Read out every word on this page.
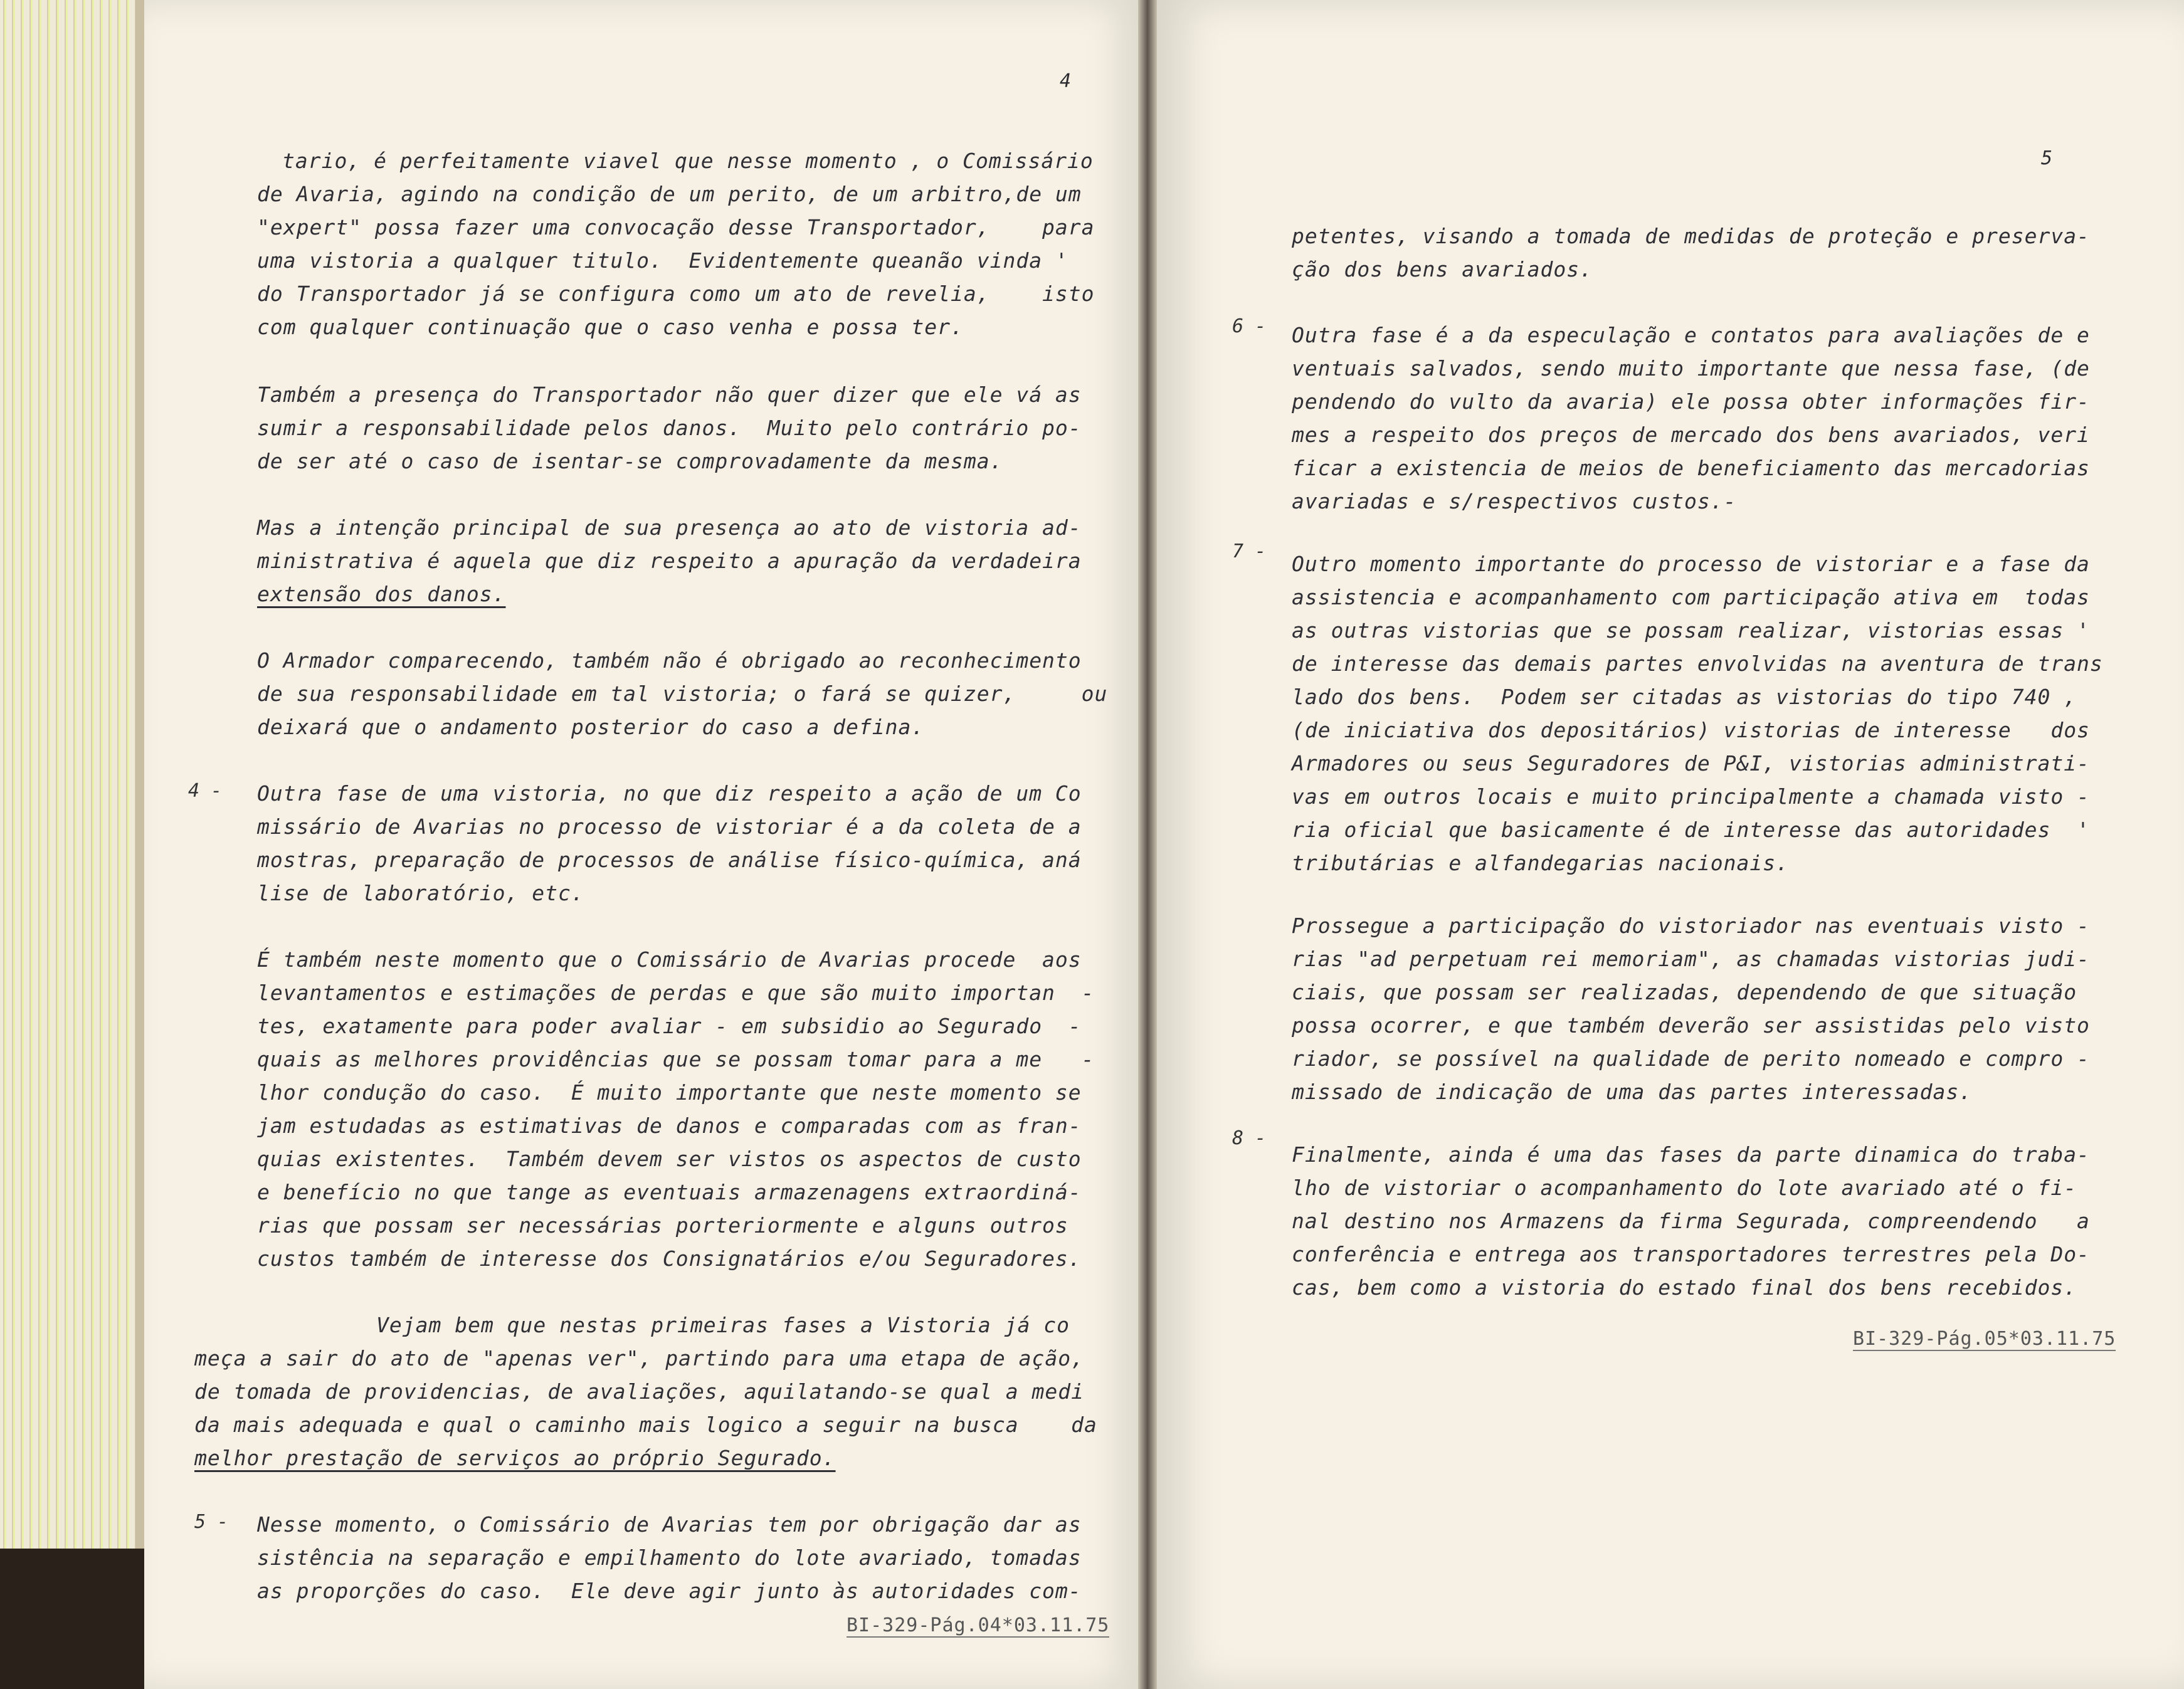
4
tario, é perfeitamente viavel que nesse momento , o Comissário
de Avaria, agindo na condição de um perito, de um arbitro,de um
"expert" possa fazer uma convocação desse Transportador,    para
uma vistoria a qualquer titulo.  Evidentemente queanão vinda '
do Transportador já se configura como um ato de revelia,    isto
com qualquer continuação que o caso venha e possa ter.
Também a presença do Transportador não quer dizer que ele vá as
sumir a responsabilidade pelos danos.  Muito pelo contrário po-
de ser até o caso de isentar-se comprovadamente da mesma.
Mas a intenção principal de sua presença ao ato de vistoria ad-
ministrativa é aquela que diz respeito a apuração da verdadeira
extensão dos danos.
O Armador comparecendo, também não é obrigado ao reconhecimento
de sua responsabilidade em tal vistoria; o fará se quizer,     ou
deixará que o andamento posterior do caso a defina.
4 - Outra fase de uma vistoria, no que diz respeito a ação de um Co
missário de Avarias no processo de vistoriar é a da coleta de a
mostras, preparação de processos de análise físico-química, aná
lise de laboratório, etc.
É também neste momento que o Comissário de Avarias procede  aos
levantamentos e estimações de perdas e que são muito importan  -
tes, exatamente para poder avaliar - em subsidio ao Segurado  -
quais as melhores providências que se possam tomar para a me   -
lhor condução do caso.  É muito importante que neste momento se
jam estudadas as estimativas de danos e comparadas com as fran-
quias existentes.  Também devem ser vistos os aspectos de custo
e benefício no que tange as eventuais armazenagens extraordiná-
rias que possam ser necessárias porteriormente e alguns outros
custos também de interesse dos Consignatários e/ou Seguradores.
Vejam bem que nestas primeiras fases a Vistoria já co
meça a sair do ato de "apenas ver", partindo para uma etapa de ação,
de tomada de providencias, de avaliações, aquilatando-se qual a medi
da mais adequada e qual o caminho mais logico a seguir na busca    da
melhor prestação de serviços ao próprio Segurado.
5 - Nesse momento, o Comissário de Avarias tem por obrigação dar as
sistência na separação e empilhamento do lote avariado, tomadas
as proporções do caso.  Ele deve agir junto às autoridades com-
BI-329-Pág.04*03.11.75
5
petentes, visando a tomada de medidas de proteção e preserva-
ção dos bens avariados.
6 - Outra fase é a da especulação e contatos para avaliações de e
ventuais salvados, sendo muito importante que nessa fase, (de
pendendo do vulto da avaria) ele possa obter informações fir-
mes a respeito dos preços de mercado dos bens avariados, veri
ficar a existencia de meios de beneficiamento das mercadorias
avariadas e s/respectivos custos.-
7 -
Outro momento importante do processo de vistoriar e a fase da
assistencia e acompanhamento com participação ativa em  todas
as outras vistorias que se possam realizar, vistorias essas '
de interesse das demais partes envolvidas na aventura de trans
lado dos bens.  Podem ser citadas as vistorias do tipo 740 ,
(de iniciativa dos depositários) vistorias de interesse   dos
Armadores ou seus Seguradores de P&I, vistorias administrati-
vas em outros locais e muito principalmente a chamada visto -
ria oficial que basicamente é de interesse das autoridades  '
tributárias e alfandegarias nacionais.
Prossegue a participação do vistoriador nas eventuais visto -
rias "ad perpetuam rei memoriam", as chamadas vistorias judi-
ciais, que possam ser realizadas, dependendo de que situação
possa ocorrer, e que também deverão ser assistidas pelo visto
riador, se possível na qualidade de perito nomeado e compro -
missado de indicação de uma das partes interessadas.
8 -
Finalmente, ainda é uma das fases da parte dinamica do traba-
lho de vistoriar o acompanhamento do lote avariado até o fi-
nal destino nos Armazens da firma Segurada, compreendendo   a
conferência e entrega aos transportadores terrestres pela Do-
cas, bem como a vistoria do estado final dos bens recebidos.
BI-329-Pág.05*03.11.75
